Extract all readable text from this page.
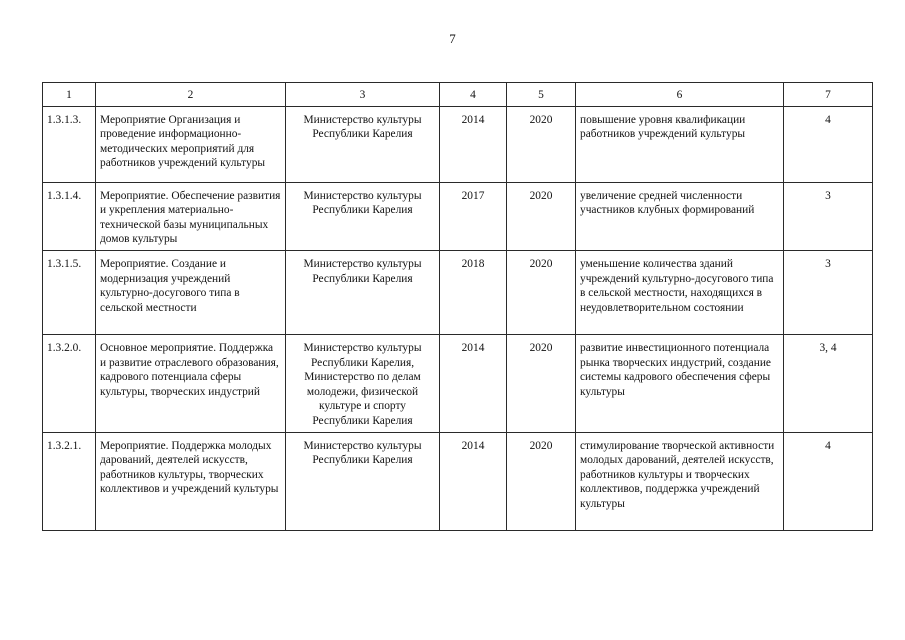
7
1	2	3	4	5	6	7
1.3.1.3.	Мероприятие Организация и проведение информационно-методических мероприятий для работников учреждений культуры	Министерство культуры Республики Карелия	2014	2020	повышение уровня квалификации работников учреждений культуры	4
1.3.1.4.	Мероприятие. Обеспечение развития и укрепления материально-технической базы муниципальных домов культуры	Министерство культуры Республики Карелия	2017	2020	увеличение средней численности участников клубных формирований	3
1.3.1.5.	Мероприятие. Создание и модернизация учреждений культурно-досугового типа в сельской местности	Министерство культуры Республики Карелия	2018	2020	уменьшение количества зданий учреждений культурно-досугового типа в сельской местности, находящихся в неудовлетворительном состоянии	3
1.3.2.0.	Основное мероприятие. Поддержка и развитие отраслевого образования, кадрового потенциала сферы культуры, творческих индустрий	Министерство культуры Республики Карелия, Министерство по делам молодежи, физической культуре и спорту Республики Карелия	2014	2020	развитие инвестиционного потенциала рынка творческих индустрий, создание системы кадрового обеспечения сферы культуры	3, 4
1.3.2.1.	Мероприятие. Поддержка молодых дарований, деятелей искусств, работников культуры, творческих коллективов и учреждений культуры	Министерство культуры Республики Карелия	2014	2020	стимулирование творческой активности молодых дарований, деятелей искусств, работников культуры и творческих коллективов, поддержка учреждений культуры	4
